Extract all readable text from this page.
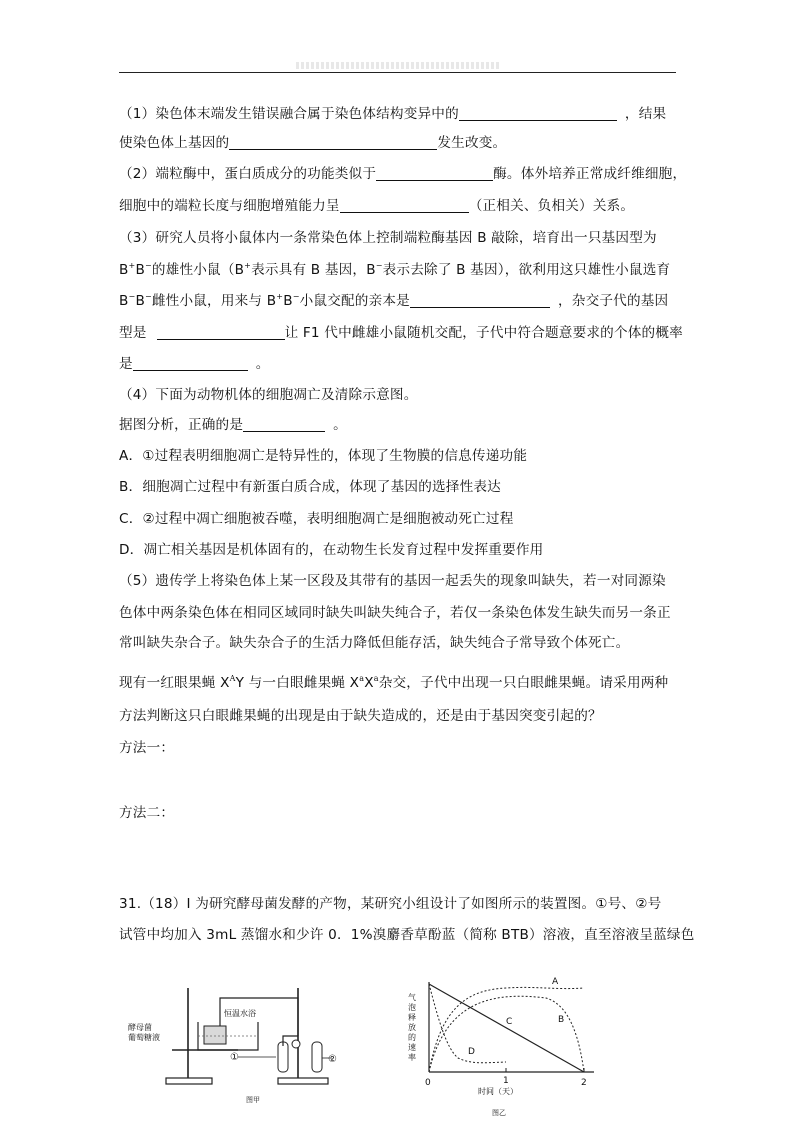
（1）染色体末端发生错误融合属于染色体结构变异中的	，结果
使染色体上基因的	发生改变。
（2）端粒酶中，蛋白质成分的功能类似于	酶。体外培养正常成纤维细胞，
细胞中的端粒长度与细胞增殖能力呈	（正相关、负相关）关系。
（3）研究人员将小鼠体内一条常染色体上控制端粒酶基因 B 敲除，培育出一只基因型为
B+B−的雄性小鼠（B+表示具有 B 基因，B−表示去除了 B 基因），欲利用这只雄性小鼠选育
B−B−雌性小鼠，用来与 B+B−小鼠交配的亲本是	，杂交子代的基因
型是	让 F1 代中雌雄小鼠随机交配，子代中符合题意要求的个体的概率
是	。
（4）下面为动物机体的细胞凋亡及清除示意图。
据图分析，正确的是	。
A．①过程表明细胞凋亡是特异性的，体现了生物膜的信息传递功能
B．细胞凋亡过程中有新蛋白质合成，体现了基因的选择性表达
C．②过程中凋亡细胞被吞噬，表明细胞凋亡是细胞被动死亡过程
D．凋亡相关基因是机体固有的，在动物生长发育过程中发挥重要作用
（5）遗传学上将染色体上某一区段及其带有的基因一起丢失的现象叫缺失，若一对同源染
色体中两条染色体在相同区域同时缺失叫缺失纯合子，若仅一条染色体发生缺失而另一条正
常叫缺失杂合子。缺失杂合子的生活力降低但能存活，缺失纯合子常导致个体死亡。
现有一红眼果蝇 $X^AY$ 与一白眼雌果蝇 $X^aX^a$杂交，子代中出现一只白眼雌果蝇。请采用两种
方法判断这只白眼雌果蝇的出现是由于缺失造成的，还是由于基因突变引起的？
方法一：
方法二：
31.（18）Ⅰ 为研究酵母菌发酵的产物，某研究小组设计了如图所示的装置图。①号、②号
试管中均加入 3mL 蒸馏水和少许 0．1%溴麝香草酚蓝（简称 BTB）溶液，直至溶液呈蓝绿色
酵母菌
葡萄糖液
恒温水浴
①	②
图甲
A
B
C
D
气
泡
释
放
的
速
率
0	1	2
时间（天）
图乙
